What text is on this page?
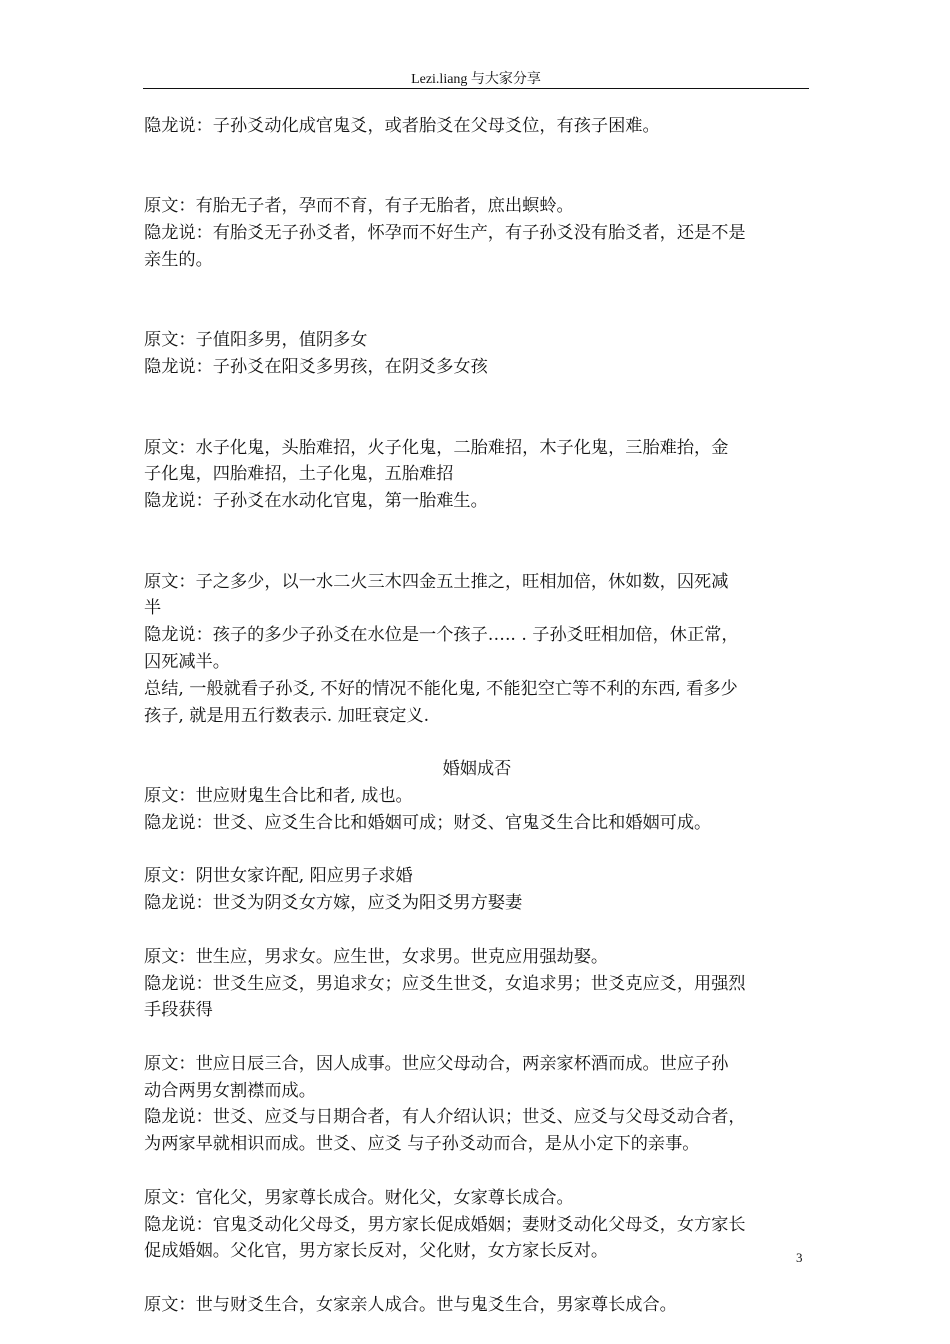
Lezi.liang 与大家分享
隐龙说：子孙爻动化成官鬼爻，或者胎爻在父母爻位，有孩子困难。
原文：有胎无子者，孕而不育，有子无胎者，庶出螟蛉。
隐龙说：有胎爻无子孙爻者，怀孕而不好生产，有子孙爻没有胎爻者，还是不是
亲生的。
原文：子值阳多男，值阴多女
隐龙说：子孙爻在阳爻多男孩，在阴爻多女孩
原文：水子化鬼，头胎难招，火子化鬼，二胎难招，木子化鬼，三胎难抬，金
子化鬼，四胎难招，土子化鬼，五胎难招
隐龙说：子孙爻在水动化官鬼，第一胎难生。
原文：子之多少，以一水二火三木四金五土推之，旺相加倍，休如数，囚死减
半
隐龙说：孩子的多少子孙爻在水位是一个孩子….. . 子孙爻旺相加倍，休正常，
囚死减半。
总结, 一般就看子孙爻, 不好的情况不能化鬼, 不能犯空亡等不利的东西, 看多少
孩子, 就是用五行数表示. 加旺衰定义.
婚姻成否
原文：世应财鬼生合比和者, 成也。
隐龙说：世爻、应爻生合比和婚姻可成；财爻、官鬼爻生合比和婚姻可成。
原文：阴世女家许配, 阳应男子求婚
隐龙说：世爻为阴爻女方嫁，应爻为阳爻男方娶妻
原文：世生应，男求女。应生世，女求男。世克应用强劫娶。
隐龙说：世爻生应爻，男追求女；应爻生世爻，女追求男；世爻克应爻，用强烈
手段获得
原文：世应日辰三合，因人成事。世应父母动合，两亲家杯酒而成。世应子孙
动合两男女割襟而成。
隐龙说：世爻、应爻与日期合者，有人介绍认识；世爻、应爻与父母爻动合者，
为两家早就相识而成。世爻、应爻 与子孙爻动而合，是从小定下的亲事。
原文：官化父，男家尊长成合。财化父，女家尊长成合。
隐龙说：官鬼爻动化父母爻，男方家长促成婚姻；妻财爻动化父母爻，女方家长
促成婚姻。父化官，男方家长反对，父化财，女方家长反对。
原文：世与财爻生合，女家亲人成合。世与鬼爻生合，男家尊长成合。
3
